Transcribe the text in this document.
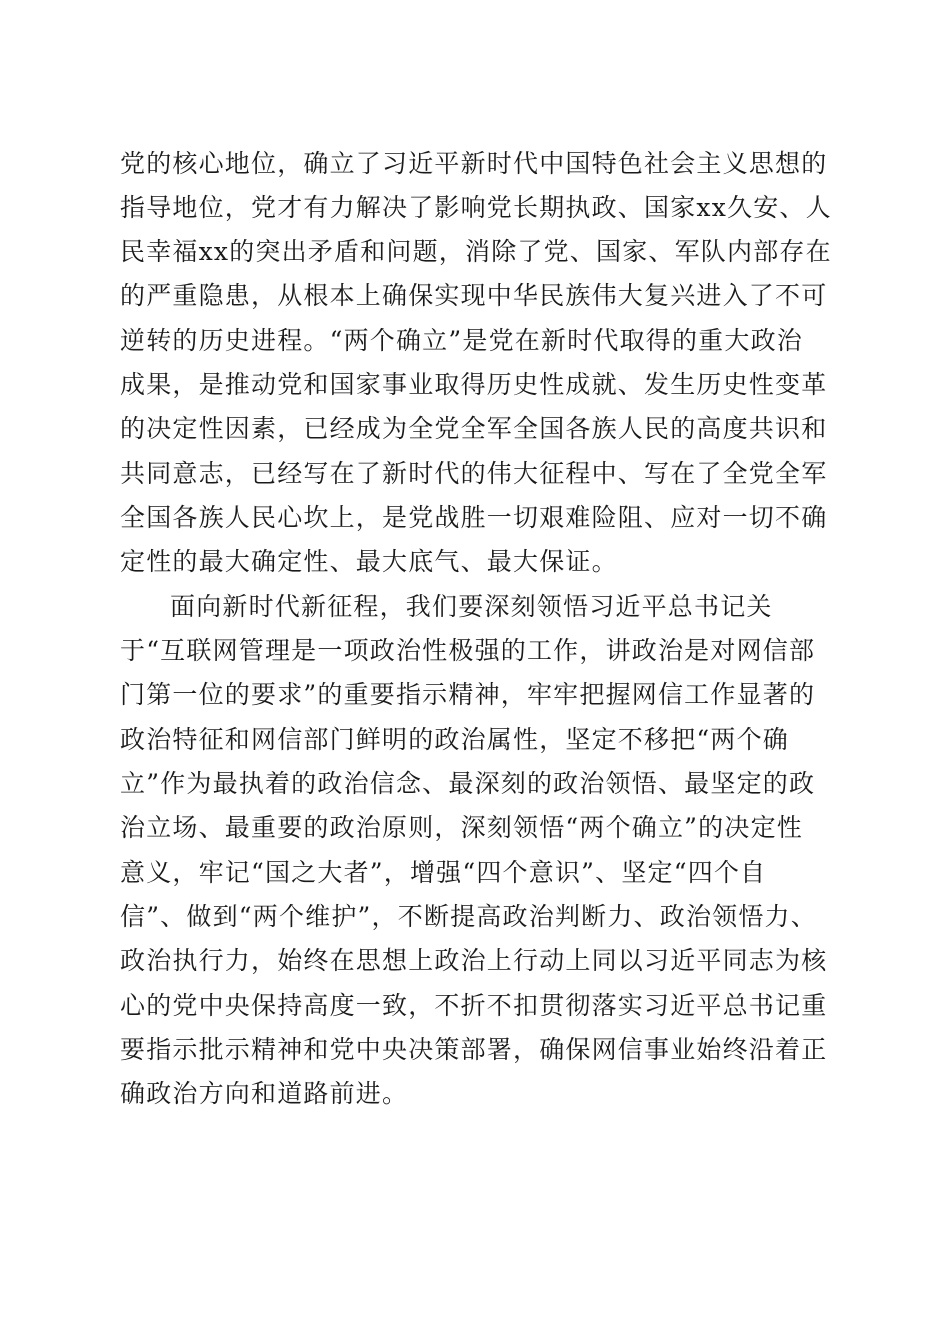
党的核心地位，确立了习近平新时代中国特色社会主义思想的
指导地位，党才有力解决了影响党长期执政、国家xx久安、人
民幸福xx的突出矛盾和问题，消除了党、国家、军队内部存在
的严重隐患，从根本上确保实现中华民族伟大复兴进入了不可
逆转的历史进程。“两个确立”是党在新时代取得的重大政治
成果，是推动党和国家事业取得历史性成就、发生历史性变革
的决定性因素，已经成为全党全军全国各族人民的高度共识和
共同意志，已经写在了新时代的伟大征程中、写在了全党全军
全国各族人民心坎上，是党战胜一切艰难险阻、应对一切不确
定性的最大确定性、最大底气、最大保证。
面向新时代新征程，我们要深刻领悟习近平总书记关
于“互联网管理是一项政治性极强的工作，讲政治是对网信部
门第一位的要求”的重要指示精神，牢牢把握网信工作显著的
政治特征和网信部门鲜明的政治属性，坚定不移把“两个确
立”作为最执着的政治信念、最深刻的政治领悟、最坚定的政
治立场、最重要的政治原则，深刻领悟“两个确立”的决定性
意义，牢记“国之大者”，增强“四个意识”、坚定“四个自
信”、做到“两个维护”，不断提高政治判断力、政治领悟力、
政治执行力，始终在思想上政治上行动上同以习近平同志为核
心的党中央保持高度一致，不折不扣贯彻落实习近平总书记重
要指示批示精神和党中央决策部署，确保网信事业始终沿着正
确政治方向和道路前进。
